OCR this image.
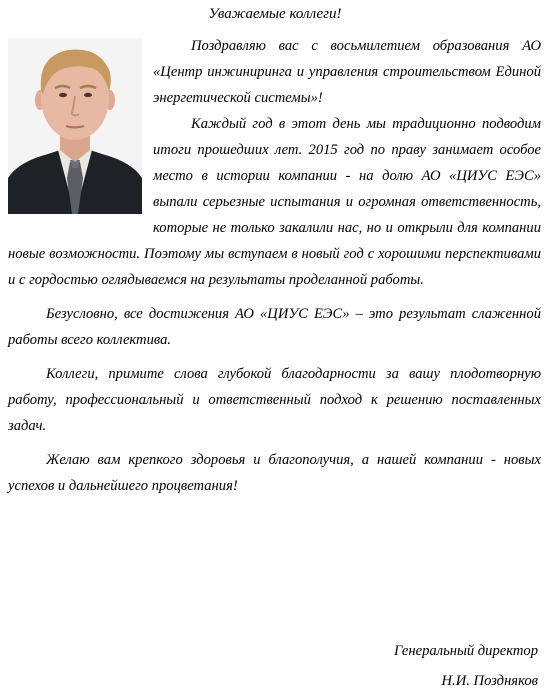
Уважаемые коллеги!

Поздравляю вас с восьмилетием образования АО «Центр инжиниринга и управления строительством Единой энергетической системы»!

Каждый год в этот день мы традиционно подводим итоги прошедших лет. 2015 год по праву занимает особое место в истории компании - на долю АО «ЦИУС ЕЭС» выпали серьезные испытания и огромная ответственность, которые не только закалили нас, но и открыли для компании новые возможности. Поэтому мы вступаем в новый год с хорошими перспективами и с гордостью оглядываемся на результаты проделанной работы.

Безусловно, все достижения АО «ЦИУС ЕЭС» – это результат слаженной работы всего коллектива.

Коллеги, примите слова глубокой благодарности за вашу плодотворную работу, профессиональный и ответственный подход к решению поставленных задач.

Желаю вам крепкого здоровья и благополучия, а нашей компании - новых успехов и дальнейшего процветания!

Генеральный директор
Н.И. Поздняков
